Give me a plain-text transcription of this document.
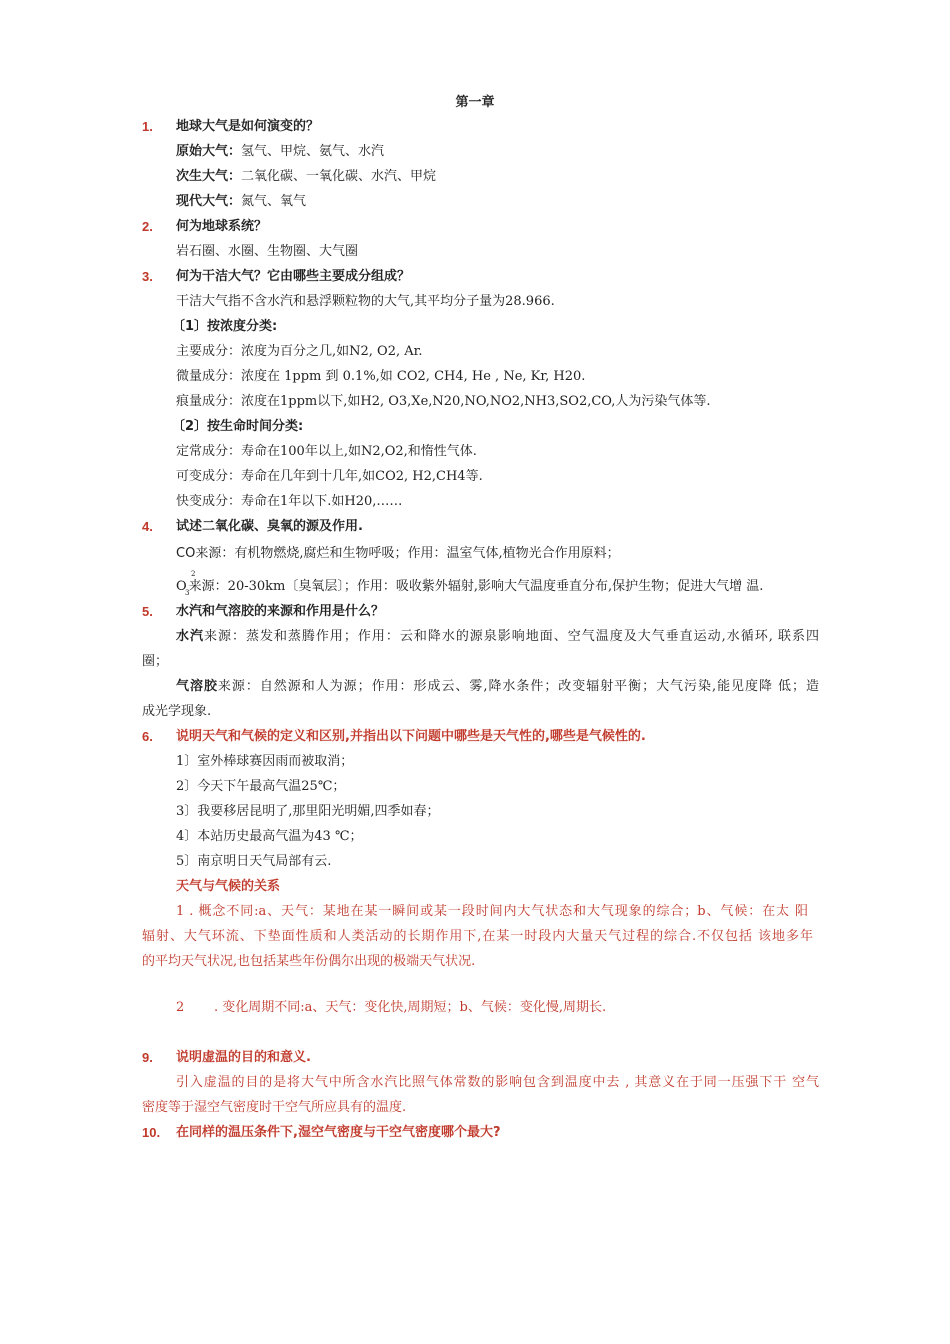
第一章
1. 地球大气是如何演变的？
原始大气：氢气、甲烷、氨气、水汽
次生大气：二氧化碳、一氧化碳、水汽、甲烷
现代大气：氮气、氧气
2. 何为地球系统？
岩石圈、水圈、生物圈、大气圈
3. 何为干洁大气？它由哪些主要成分组成？
干洁大气指不含水汽和悬浮颗粒物的大气,其平均分子量为28.966.
〔1〕按浓度分类:
主要成分：浓度为百分之几,如N2, O2, Ar.
微量成分：浓度在 1ppm 到 0.1%,如 CO2, CH4, He , Ne, Kr, H20.
痕量成分：浓度在1ppm以下,如H2, O3,Xe,N20,NO,NO2,NH3,SO2,CO,人为污染气体等.
〔2〕按生命时间分类:
定常成分：寿命在100年以上,如N2,O2,和惰性气体.
可变成分：寿命在几年到十几年,如CO2, H2,CH4等.
快变成分：寿命在1年以下.如H20,……
4. 试述二氧化碳、臭氧的源及作用.
CO来源：有机物燃烧,腐烂和生物呼吸；作用：温室气体,植物光合作用原料；
2
O 来源：20-30km〔臭氧层〕；作用：吸收紫外辐射,影响大气温度垂直分布,保护生物；促进大气增 温.
3
5. 水汽和气溶胶的来源和作用是什么？
水汽来源：蒸发和蒸腾作用；作用：云和降水的源泉影响地面、空气温度及大气垂直运动,水循环, 联系四
圈；
气溶胶来源：自然源和人为源；作用：形成云、雾,降水条件；改变辐射平衡；大气污染,能见度降 低；造
成光学现象.
6. 说明天气和气候的定义和区别,并指出以下问题中哪些是天气性的,哪些是气候性的.
1〕室外棒球赛因雨而被取消；
2〕今天下午最高气温25℃；
3〕我要移居昆明了,那里阳光明媚,四季如春；
4〕本站历史最高气温为43 ℃；
5〕南京明日天气局部有云.
天气与气候的关系
1 . 概念不同:a、天气：某地在某一瞬间或某一段时间内大气状态和大气现象的综合；b、气候：在太 阳
辐射、大气环流、下垫面性质和人类活动的长期作用下,在某一时段内大量天气过程的综合.不仅包括 该地多年
的平均天气状况,也包括某些年份偶尔出现的极端天气状况.
2 . 变化周期不同:a、天气：变化快,周期短；b、气候：变化慢,周期长.
9. 说明虚温的目的和意义.
引入虚温的目的是将大气中所含水汽比照气体常数的影响包含到温度中去 , 其意义在于同一压强下干 空气
密度等于湿空气密度时干空气所应具有的温度.
10. 在同样的温压条件下,湿空气密度与干空气密度哪个最大?
